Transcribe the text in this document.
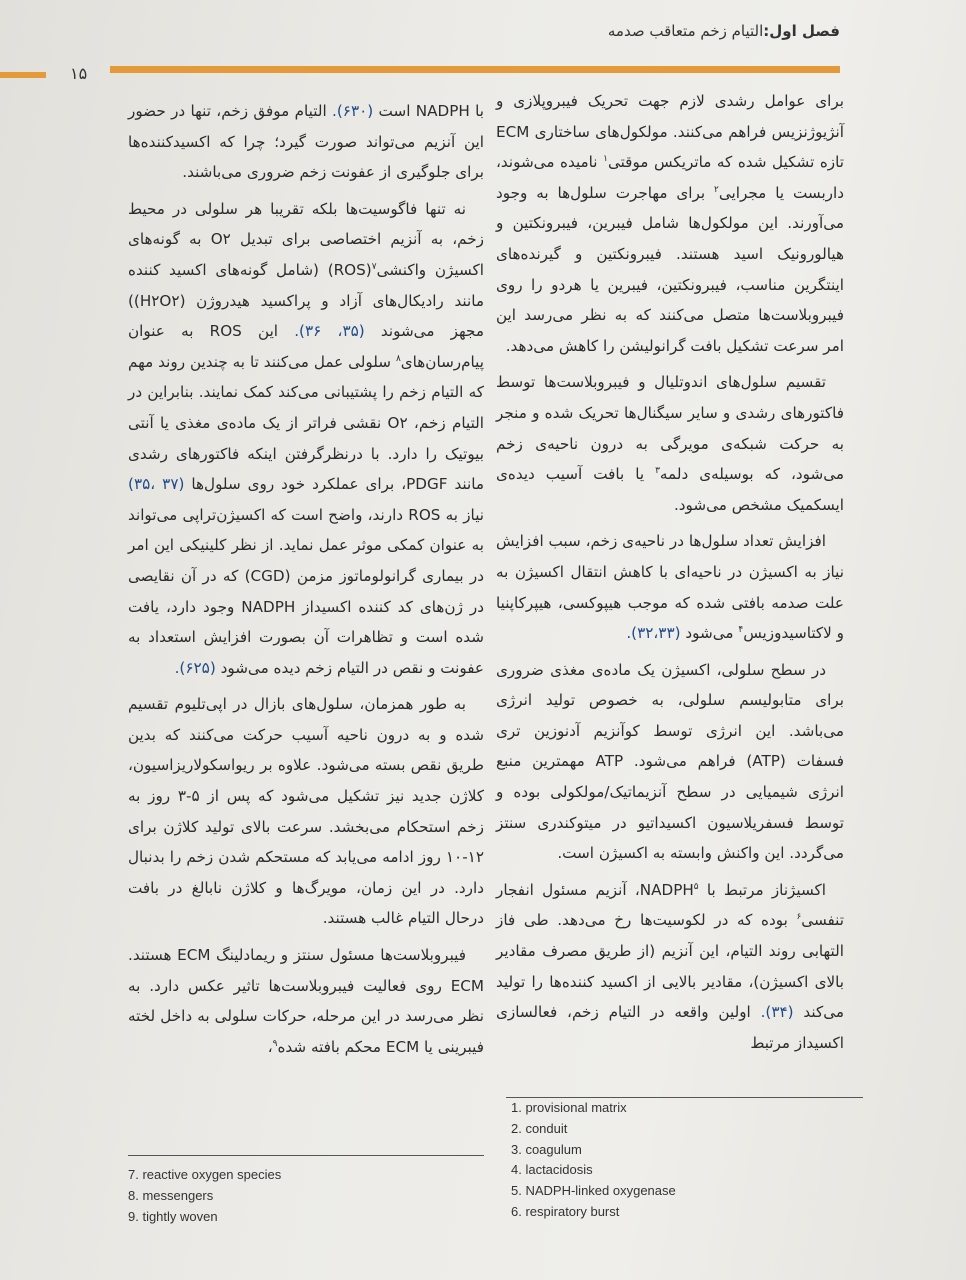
فصل اول:التیام زخم متعاقب صدمه
۱۵

برای عوامل رشدی لازم جهت تحریک فیبروپلازی و آنژیوژنزیس فراهم می‌کنند. مولکول‌های ساختاری ECM تازه تشکیل شده که ماتریکس موقتی$^۱$ نامیده می‌شوند، داربست یا مجرایی$^۲$ برای مهاجرت سلول‌ها به وجود می‌آورند. این مولکول‌ها شامل فیبرین، فیبرونکتین و هیالورونیک اسید هستند. فیبرونکتین و گیرنده‌های اینتگرین مناسب، فیبرونکتین، فیبرین یا هردو را روی فیبروبلاست‌ها متصل می‌کنند که به نظر می‌رسد این امر سرعت تشکیل بافت گرانولیشن را کاهش می‌دهد.

تقسیم سلول‌های اندوتلیال و فیبروبلاست‌ها توسط فاکتورهای رشدی و سایر سیگنال‌ها تحریک شده و منجر به حرکت شبکه‌ی مویرگی به درون ناحیه‌ی زخم می‌شود، که بوسیله‌ی دلمه$^۳$ یا بافت آسیب دیده‌ی ایسکمیک مشخص می‌شود.

افزایش تعداد سلول‌ها در ناحیه‌ی زخم، سبب افزایش نیاز به اکسیژن در ناحیه‌ای با کاهش انتقال اکسیژن به علت صدمه بافتی شده که موجب هیپوکسی، هیپرکاپنیا و لاکتاسیدوزیس$^۴$ می‌شود (۳۲،۳۳).

در سطح سلولی، اکسیژن یک ماده‌ی مغذی ضروری برای متابولیسم سلولی، به خصوص تولید انرژی می‌باشد. این انرژی توسط کوآنزیم آدنوزین تری فسفات (ATP) فراهم می‌شود. ATP مهمترین منبع انرژی شیمیایی در سطح آنزیماتیک/مولکولی بوده و توسط فسفریلاسیون اکسیداتیو در میتوکندری سنتز می‌گردد. این واکنش وابسته به اکسیژن است.

اکسیژناز مرتبط با NADPH$^۵$، آنزیم مسئول انفجار تنفسی$^۶$ بوده که در لکوسیت‌ها رخ می‌دهد. طی فاز التهابی روند التیام، این آنزیم (از طریق مصرف مقادیر بالای اکسیژن)، مقادیر بالایی از اکسید کننده‌ها را تولید می‌کند (۳۴). اولین واقعه در التیام زخم، فعالسازی اکسیداز مرتبط

با NADPH است (۶۳۰). التیام موفق زخم، تنها در حضور این آنزیم می‌تواند صورت گیرد؛ چرا که اکسیدکننده‌ها برای جلوگیری از عفونت زخم ضروری می‌باشند.

نه تنها فاگوسیت‌ها بلکه تقریبا هر سلولی در محیط زخم، به آنزیم اختصاصی برای تبدیل O۲ به گونه‌های اکسیژن واکنشی$^۷$(ROS) (شامل گونه‌های اکسید کننده مانند رادیکال‌های آزاد و پراکسید هیدروژن (H۲O۲)) مجهز می‌شوند (۳۵، ۳۶). این ROS به عنوان پیام‌رسان‌های$^۸$ سلولی عمل می‌کنند تا به چندین روند مهم که التیام زخم را پشتیبانی می‌کند کمک نمایند. بنابراین در التیام زخم، O۲ نقشی فراتر از یک ماده‌ی مغذی یا آنتی بیوتیک را دارد. با درنظرگرفتن اینکه فاکتورهای رشدی مانند PDGF، برای عملکرد خود روی سلول‌ها (۳۷ ،۳۵) نیاز به ROS دارند، واضح است که اکسیژن‌تراپی می‌تواند به عنوان کمکی موثر عمل نماید. از نظر کلینیکی این امر در بیماری گرانولوماتوز مزمن (CGD) که در آن نقایصی در ژن‌های کد کننده اکسیداز NADPH وجود دارد، یافت شده است و تظاهرات آن بصورت افزایش استعداد به عفونت و نقص در التیام زخم دیده می‌شود (۶۲۵).

به طور همزمان، سلول‌های بازال در اپی‌تلیوم تقسیم شده و به درون ناحیه آسیب حرکت می‌کنند که بدین طریق نقص بسته می‌شود. علاوه بر ریواسکولاریزاسیون، کلاژن جدید نیز تشکیل می‌شود که پس از ۵-۳ روز به زخم استحکام می‌بخشد. سرعت بالای تولید کلاژن برای ۱۲-۱۰ روز ادامه می‌یابد که مستحکم شدن زخم را بدنبال دارد. در این زمان، مویرگ‌ها و کلاژن نابالغ در بافت درحال التیام غالب هستند.

فیبروبلاست‌ها مسئول سنتز و ریمادلینگ ECM هستند. ECM روی فعالیت فیبروبلاست‌ها تاثیر عکس دارد. به نظر می‌رسد در این مرحله، حرکات سلولی به داخل لخته فیبرینی یا ECM محکم بافته شده$^۹$،

1. provisional matrix
2. conduit
3. coagulum
4. lactacidosis
5. NADPH-linked oxygenase
6. respiratory burst
7. reactive oxygen species
8. messengers
9. tightly woven
